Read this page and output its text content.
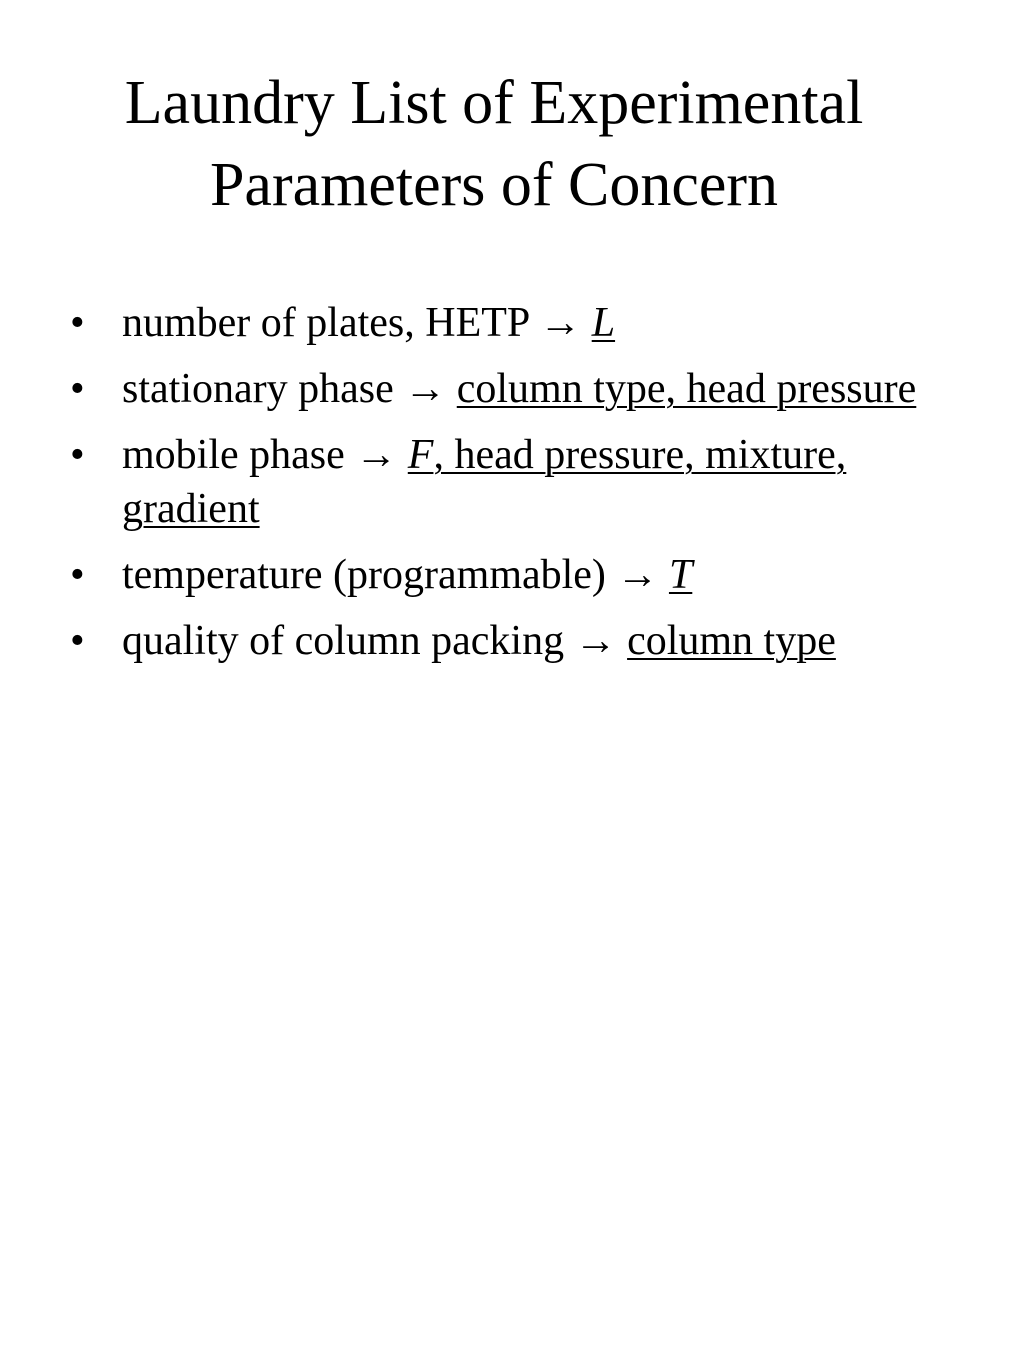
Laundry List of Experimental
Parameters of Concern
• number of plates, HETP → L
• stationary phase → column type, head pressure
• mobile phase → F, head pressure, mixture, gradient
• temperature (programmable) → T
• quality of column packing → column type
